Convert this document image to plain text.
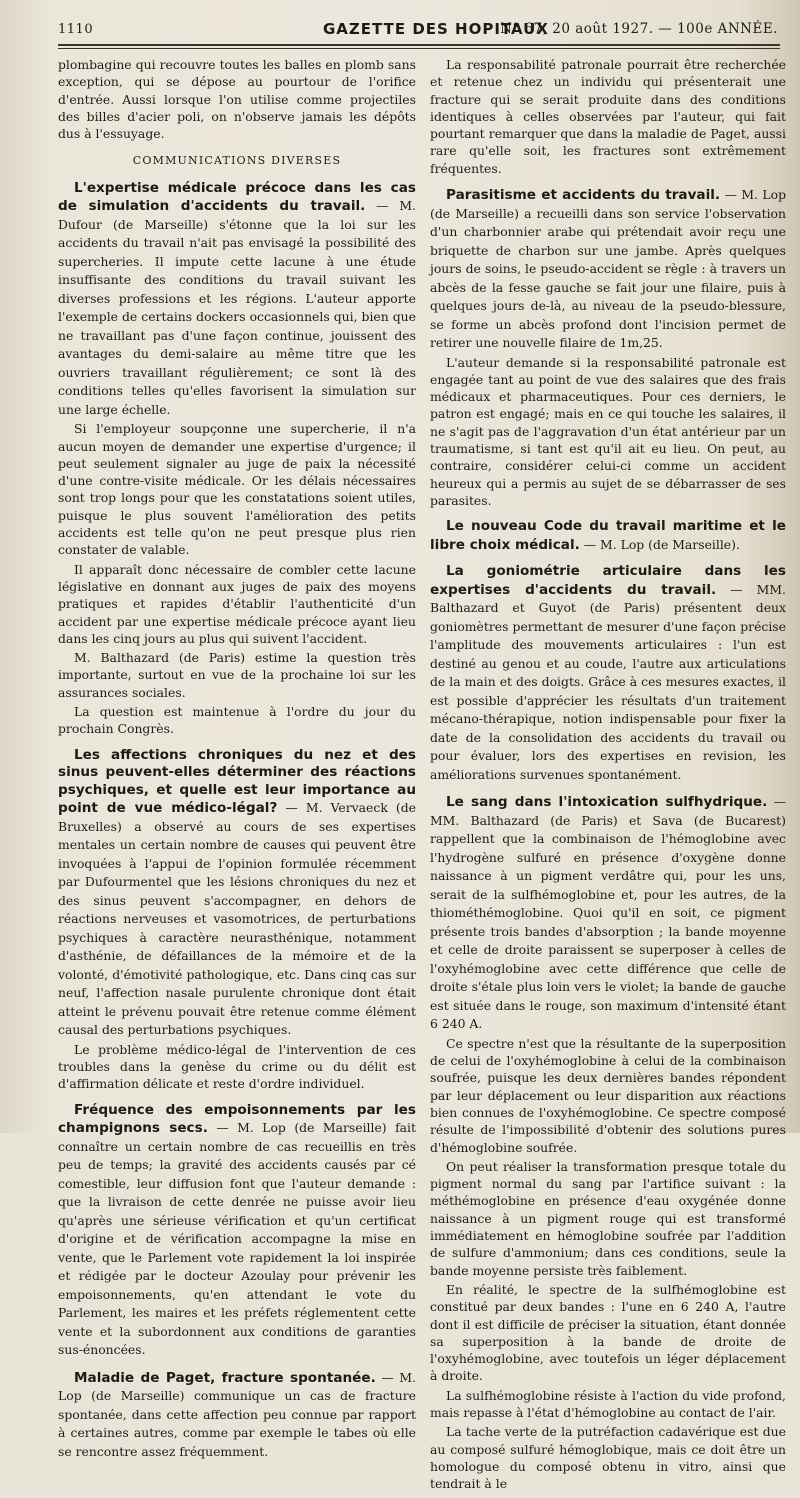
1110	GAZETTE DES HOPITAUX
N° 67, 20 août 1927. — 100e ANNÉE.

plombagine qui recouvre toutes les balles en plomb sans exception, qui se dépose au pourtour de l'orifice d'entrée. Aussi lorsque l'on utilise comme projectiles des billes d'acier poli, on n'observe jamais les dépôts dus à l'essuyage.

COMMUNICATIONS DIVERSES
L'expertise médicale précoce dans les cas de simulation d'accidents du travail. — M. Dufour (de Marseille) s'étonne que la loi sur les accidents du travail n'ait pas envisagé la possibilité des supercheries. Il impute cette lacune à une étude insuffisante des conditions du travail suivant les diverses professions et les régions. L'auteur apporte l'exemple de certains dockers occasionnels qui, bien que ne travaillant pas d'une façon continue, jouissent des avantages du demi-salaire au même titre que les ouvriers travaillant régulièrement; ce sont là des conditions telles qu'elles favorisent la simulation sur une large échelle.

Si l'employeur soupçonne une supercherie, il n'a aucun moyen de demander une expertise d'urgence; il peut seulement signaler au juge de paix la nécessité d'une contre-visite médicale. Or les délais nécessaires sont trop longs pour que les constatations soient utiles, puisque le plus souvent l'amélioration des petits accidents est telle qu'on ne peut presque plus rien constater de valable.

Il apparaît donc nécessaire de combler cette lacune législative en donnant aux juges de paix des moyens pratiques et rapides d'établir l'authenticité d'un accident par une expertise médicale précoce ayant lieu dans les cinq jours au plus qui suivent l'accident.

M. Balthazard (de Paris) estime la question très importante, surtout en vue de la prochaine loi sur les assurances sociales.

La question est maintenue à l'ordre du jour du prochain Congrès.

Les affections chroniques du nez et des sinus peuvent-elles déterminer des réactions psychiques, et quelle est leur importance au point de vue médico-légal? — M. Vervaeck (de Bruxelles) a observé au cours de ses expertises mentales un certain nombre de causes qui peuvent être invoquées à l'appui de l'opinion formulée récemment par Dufourmentel que les lésions chroniques du nez et des sinus peuvent s'accompagner, en dehors de réactions nerveuses et vasomotrices, de perturbations psychiques à caractère neurasthénique, notamment d'asthénie, de défaillances de la mémoire et de la volonté, d'émotivité pathologique, etc. Dans cinq cas sur neuf, l'affection nasale purulente chronique dont était atteint le prévenu pouvait être retenue comme élément causal des perturbations psychiques.

Le problème médico-légal de l'intervention de ces troubles dans la genèse du crime ou du délit est d'affirmation délicate et reste d'ordre individuel.

Fréquence des empoisonnements par les champignons secs. — M. Lop (de Marseille) fait connaître un certain nombre de cas recueillis en très peu de temps; la gravité des accidents causés par cé comestible, leur diffusion font que l'auteur demande : que la livraison de cette denrée ne puisse avoir lieu qu'après une sérieuse vérification et qu'un certificat d'origine et de vérification accompagne la mise en vente, que le Parlement vote rapidement la loi inspirée et rédigée par le docteur Azoulay pour prévenir les empoisonnements, qu'en attendant le vote du Parlement, les maires et les préfets réglementent cette vente et la subordonnent aux conditions de garanties sus-énoncées.
Maladie de Paget, fracture spontanée. — M. Lop (de Marseille) communique un cas de fracture spontanée, dans cette affection peu connue par rapport à certaines autres, comme par exemple le tabes où elle se rencontre assez fréquemment.

La responsabilité patronale pourrait être recherchée et retenue chez un individu qui présenterait une fracture qui se serait produite dans des conditions identiques à celles observées par l'auteur, qui fait pourtant remarquer que dans la maladie de Paget, aussi rare qu'elle soit, les fractures sont extrêmement fréquentes.

Parasitisme et accidents du travail. — M. Lop (de Marseille) a recueilli dans son service l'observation d'un charbonnier arabe qui prétendait avoir reçu une briquette de charbon sur une jambe. Après quelques jours de soins, le pseudo-accident se règle : à travers un abcès de la fesse gauche se fait jour une filaire, puis à quelques jours de-là, au niveau de la pseudo-blessure, se forme un abcès profond dont l'incision permet de retirer une nouvelle filaire de 1m,25.

L'auteur demande si la responsabilité patronale est engagée tant au point de vue des salaires que des frais médicaux et pharmaceutiques. Pour ces derniers, le patron est engagé; mais en ce qui touche les salaires, il ne s'agit pas de l'aggravation d'un état antérieur par un traumatisme, si tant est qu'il ait eu lieu. On peut, au contraire, considérer celui-ci comme un accident heureux qui a permis au sujet de se débarrasser de ses parasites.

Le nouveau Code du travail maritime et le libre choix médical. — M. Lop (de Marseille).
La goniométrie articulaire dans les expertises d'accidents du travail. — MM. Balthazard et Guyot (de Paris) présentent deux goniomètres permettant de mesurer d'une façon précise l'amplitude des mouvements articulaires : l'un est destiné au genou et au coude, l'autre aux articulations de la main et des doigts. Grâce à ces mesures exactes, il est possible d'apprécier les résultats d'un traitement mécano-thérapique, notion indispensable pour fixer la date de la consolidation des accidents du travail ou pour évaluer, lors des expertises en revision, les améliorations survenues spontanément.
Le sang dans l'intoxication sulfhydrique. — MM. Balthazard (de Paris) et Sava (de Bucarest) rappellent que la combinaison de l'hémoglobine avec l'hydrogène sulfuré en présence d'oxygène donne naissance à un pigment verdâtre qui, pour les uns, serait de la sulfhémoglobine et, pour les autres, de la thiométhémoglobine. Quoi qu'il en soit, ce pigment présente trois bandes d'absorption ; la bande moyenne et celle de droite paraissent se superposer à celles de l'oxyhémoglobine avec cette différence que celle de droite s'étale plus loin vers le violet; la bande de gauche est située dans le rouge, son maximum d'intensité étant 6 240 A.

Ce spectre n'est que la résultante de la superposition de celui de l'oxyhémoglobine à celui de la combinaison soufrée, puisque les deux dernières bandes répondent par leur déplacement ou leur disparition aux réactions bien connues de l'oxyhémoglobine. Ce spectre composé résulte de l'impossibilité d'obtenir des solutions pures d'hémoglobine soufrée.

On peut réaliser la transformation presque totale du pigment normal du sang par l'artifice suivant : la méthémoglobine en présence d'eau oxygénée donne naissance à un pigment rouge qui est transformé immédiatement en hémoglobine soufrée par l'addition de sulfure d'ammonium; dans ces conditions, seule la bande moyenne persiste très faiblement.

En réalité, le spectre de la sulfhémoglobine est constitué par deux bandes : l'une en 6 240 A, l'autre dont il est difficile de préciser la situation, étant donnée sa superposition à la bande de droite de l'oxyhémoglobine, avec toutefois un léger déplacement à droite.

La sulfhémoglobine résiste à l'action du vide profond, mais repasse à l'état d'hémoglobine au contact de l'air.

La tache verte de la putréfaction cadavérique est due au composé sulfuré hémoglobique, mais ce doit être un homologue du composé obtenu in vitro, ainsi que tendrait à le
